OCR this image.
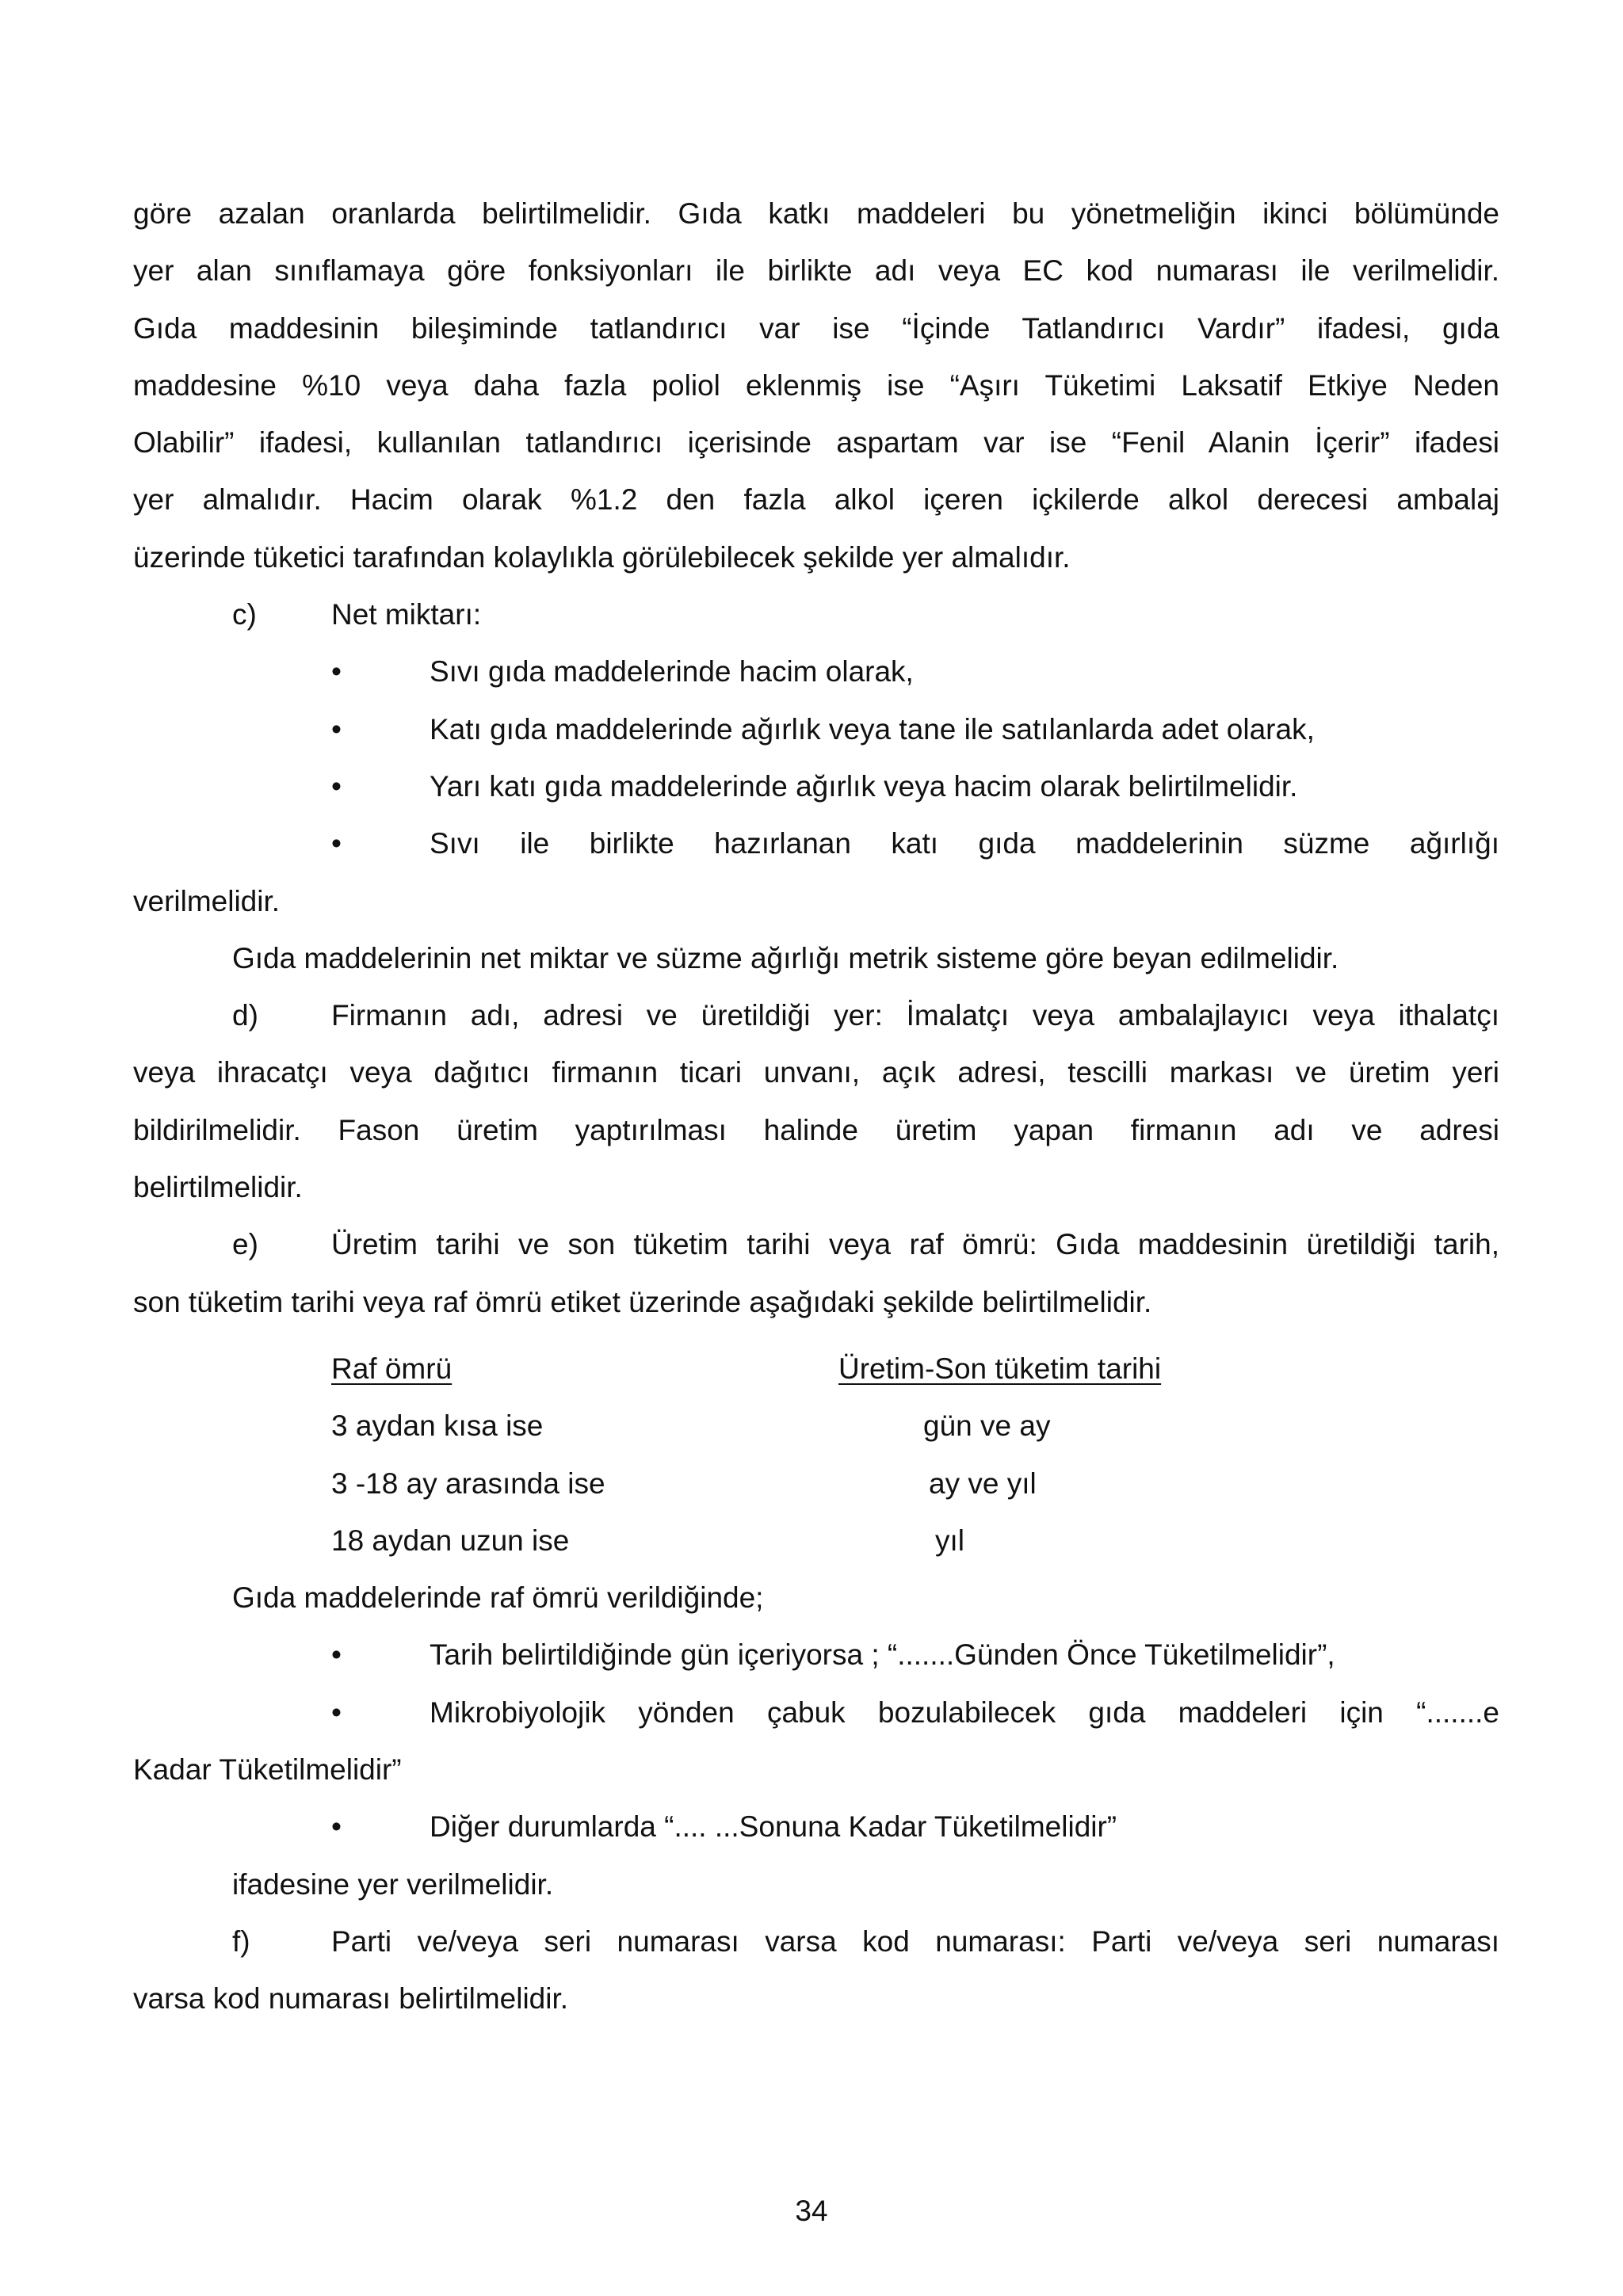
göre azalan oranlarda belirtilmelidir. Gıda katkı maddeleri bu yönetmeliğin ikinci bölümünde
yer alan sınıflamaya göre fonksiyonları ile birlikte adı veya EC kod numarası ile verilmelidir.
Gıda maddesinin bileşiminde tatlandırıcı var ise “İçinde Tatlandırıcı Vardır” ifadesi, gıda
maddesine %10 veya daha fazla poliol eklenmiş ise “Aşırı Tüketimi Laksatif Etkiye Neden
Olabilir” ifadesi, kullanılan tatlandırıcı içerisinde aspartam var ise “Fenil Alanin İçerir” ifadesi
yer almalıdır. Hacim olarak %1.2 den fazla alkol içeren içkilerde alkol derecesi ambalaj
üzerinde tüketici tarafından kolaylıkla görülebilecek şekilde yer almalıdır.
c)	Net miktarı:
•	Sıvı gıda maddelerinde hacim olarak,
•	Katı gıda maddelerinde ağırlık veya tane ile satılanlarda adet olarak,
•	Yarı katı gıda maddelerinde ağırlık veya hacim olarak belirtilmelidir.
•	Sıvı ile birlikte hazırlanan katı gıda maddelerinin süzme ağırlığı
verilmelidir.
Gıda maddelerinin net miktar ve süzme ağırlığı metrik sisteme göre beyan edilmelidir.
d) Firmanın adı, adresi ve üretildiği yer: İmalatçı veya ambalajlayıcı veya ithalatçı
veya ihracatçı veya dağıtıcı firmanın ticari unvanı, açık adresi, tescilli markası ve üretim yeri
bildirilmelidir. Fason üretim yaptırılması halinde üretim yapan firmanın adı ve adresi
belirtilmelidir.
e) Üretim tarihi ve son tüketim tarihi veya raf ömrü: Gıda maddesinin üretildiği tarih,
son tüketim tarihi veya raf ömrü etiket üzerinde aşağıdaki şekilde belirtilmelidir.
Raf ömrü	Üretim-Son tüketim tarihi
3 aydan kısa ise	gün ve ay
3 -18 ay arasında ise	ay ve yıl
18 aydan uzun ise	yıl
Gıda maddelerinde raf ömrü verildiğinde;
•	Tarih belirtildiğinde gün içeriyorsa ; “.......Günden Önce Tüketilmelidir”,
•	Mikrobiyolojik yönden çabuk bozulabilecek gıda maddeleri için “.......e
Kadar Tüketilmelidir”
•	Diğer durumlarda “.... ...Sonuna Kadar Tüketilmelidir”
ifadesine yer verilmelidir.
f)	Parti ve/veya seri numarası varsa kod numarası: Parti ve/veya seri numarası
varsa kod numarası belirtilmelidir.
34
